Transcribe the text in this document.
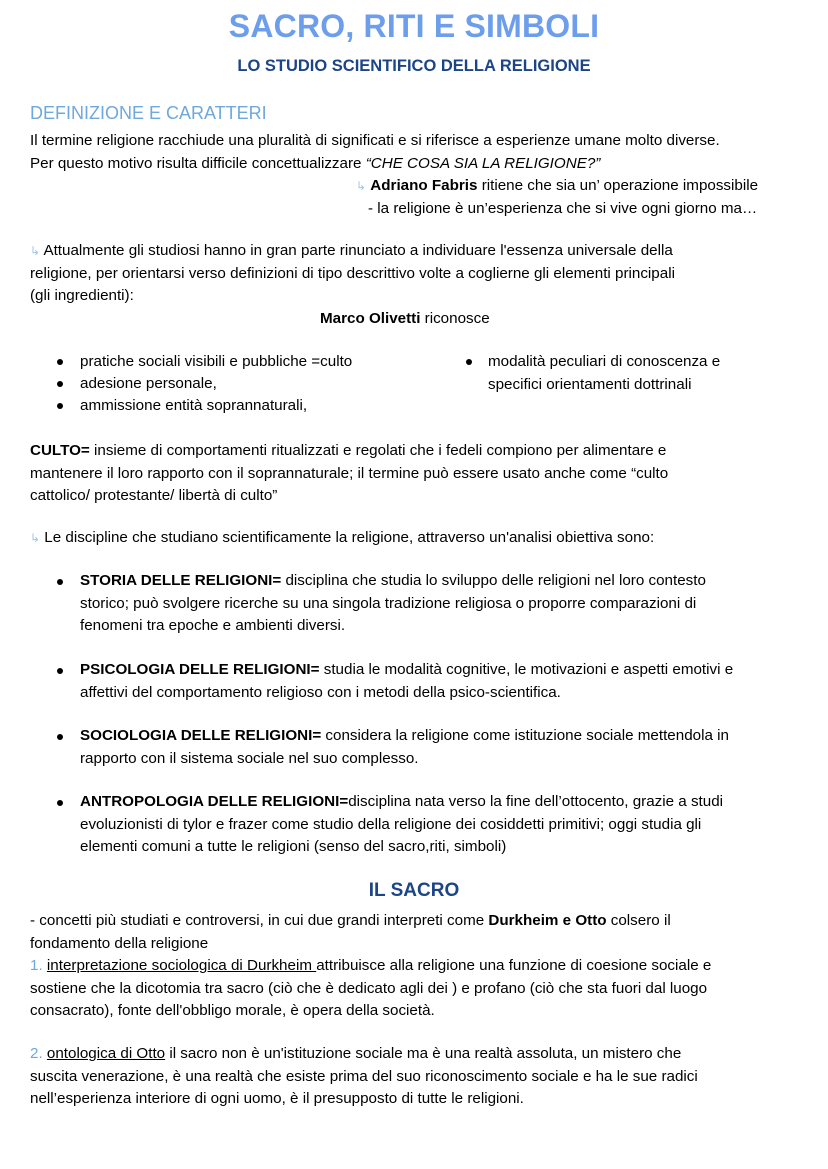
SACRO, RITI E SIMBOLI
LO STUDIO SCIENTIFICO DELLA RELIGIONE
DEFINIZIONE E CARATTERI
Il termine religione racchiude una pluralità di significati e si riferisce a esperienze umane molto diverse.
Per questo motivo risulta difficile concettualizzare “CHE COSA SIA LA RELIGIONE?”
↳ Adriano Fabris ritiene che sia un’ operazione impossibile
- la religione è un’esperienza che si vive ogni giorno ma…
↳ Attualmente gli studiosi hanno in gran parte rinunciato a individuare l'essenza universale della
religione, per orientarsi verso definizioni di tipo descrittivo volte a coglierne gli elementi principali
(gli ingredienti):
Marco Olivetti riconosce
pratiche sociali visibili e pubbliche =culto
adesione personale,
ammissione entità soprannaturali,
modalità peculiari di conoscenza e
specifici orientamenti dottrinali
CULTO= insieme di comportamenti ritualizzati e regolati che i fedeli compiono per alimentare e
mantenere il loro rapporto con il soprannaturale; il termine può essere usato anche come “culto
cattolico/ protestante/ libertà di culto”
↳ Le discipline che studiano scientificamente la religione, attraverso un'analisi obiettiva sono:
STORIA DELLE RELIGIONI= disciplina che studia lo sviluppo delle religioni nel loro contesto
storico; può svolgere ricerche su una singola tradizione religiosa o proporre comparazioni di
fenomeni tra epoche e ambienti diversi.
PSICOLOGIA DELLE RELIGIONI= studia le modalità cognitive, le motivazioni e aspetti emotivi e
affettivi del comportamento religioso con i metodi della psico-scientifica.
SOCIOLOGIA DELLE RELIGIONI= considera la religione come istituzione sociale mettendola in
rapporto con il sistema sociale nel suo complesso.
ANTROPOLOGIA DELLE RELIGIONI=disciplina nata verso la fine dell’ottocento, grazie a studi
evoluzionisti di tylor e frazer come studio della religione dei cosiddetti primitivi; oggi studia gli
elementi comuni a tutte le religioni (senso del sacro,riti, simboli)
IL SACRO
- concetti più studiati e controversi, in cui due grandi interpreti come Durkheim e Otto colsero il
fondamento della religione
1. interpretazione sociologica di Durkheim attribuisce alla religione una funzione di coesione sociale e
sostiene che la dicotomia tra sacro (ciò che è dedicato agli dei ) e profano (ciò che sta fuori dal luogo
consacrato), fonte dell'obbligo morale, è opera della società.
2. ontologica di Otto il sacro non è un'istituzione sociale ma è una realtà assoluta, un mistero che
suscita venerazione, è una realtà che esiste prima del suo riconoscimento sociale e ha le sue radici
nell’esperienza interiore di ogni uomo, è il presupposto di tutte le religioni.
